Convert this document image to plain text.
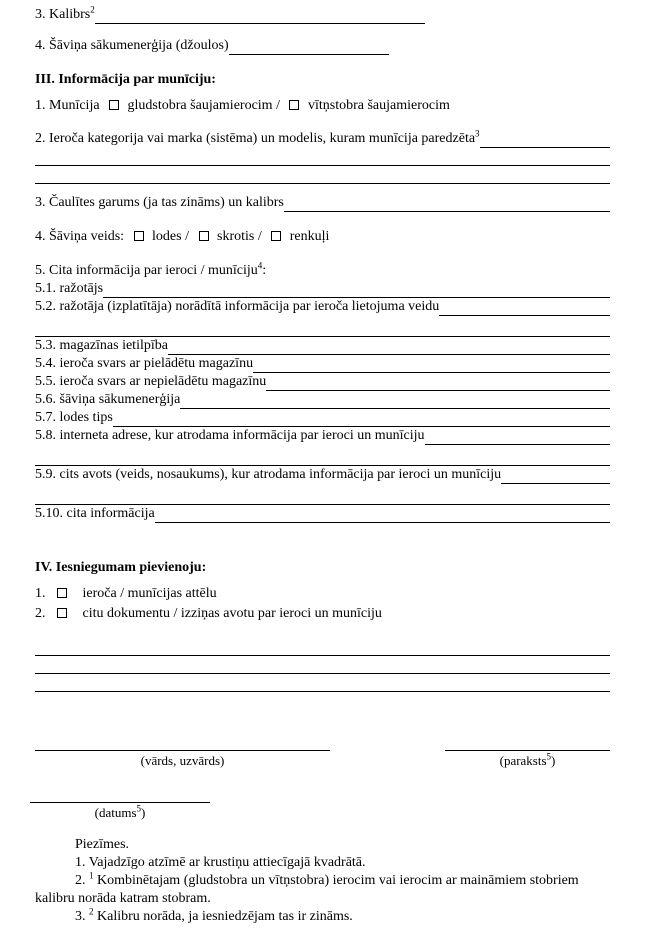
3. Kalibrs$^2$
4. Šāviņa sākumenerģija (džoulos)
III. Informācija par munīciju:
1. Munīcija gludstobra šaujamierocim / vītņstobra šaujamierocim
2. Ieroča kategorija vai marka (sistēma) un modelis, kuram munīcija paredzēta$^3$
3. Čaulītes garums (ja tas zināms) un kalibrs
4. Šāviņa veids: lodes / skrotis / renkuļi
5. Cita informācija par ieroci / munīciju$^4$:
5.1. ražotājs
5.2. ražotāja (izplatītāja) norādītā informācija par ieroča lietojuma veidu
5.3. magazīnas ietilpība
5.4. ieroča svars ar pielādētu magazīnu
5.5. ieroča svars ar nepielādētu magazīnu
5.6. šāviņa sākumenerģija
5.7. lodes tips
5.8. interneta adrese, kur atrodama informācija par ieroci un munīciju
5.9. cits avots (veids, nosaukums), kur atrodama informācija par ieroci un munīciju
5.10. cita informācija
IV. Iesniegumam pievienoju:
1.	ieroča / munīcijas attēlu
2.	citu dokumentu / izziņas avotu par ieroci un munīciju
(vārds, uzvārds)	(paraksts$^5$)
(datums$^5$)

Piezīmes.

1. Vajadzīgo atzīmē ar krustiņu attiecīgajā kvadrātā.

2. $^1$ Kombinētajam (gludstobra un vītņstobra) ierocim vai ierocim ar maināmiem stobriem kalibru norāda katram stobram.

3. $^2$ Kalibru norāda, ja iesniedzējam tas ir zināms.
